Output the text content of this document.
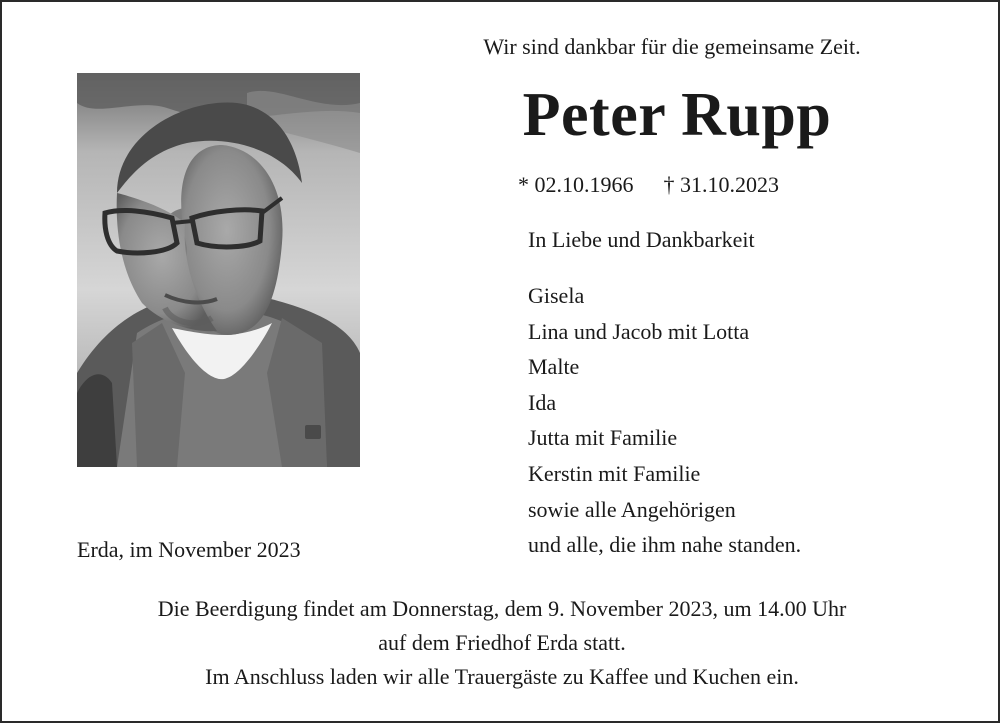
Wir sind dankbar für die gemeinsame Zeit.
Peter Rupp
* 02.10.1966 † 31.10.2023
In Liebe und Dankbarkeit
Gisela
Lina und Jacob mit Lotta
Malte
Ida
Jutta mit Familie
Kerstin mit Familie
sowie alle Angehörigen
und alle, die ihm nahe standen.
Erda, im November 2023
Die Beerdigung findet am Donnerstag, dem 9. November 2023, um 14.00 Uhr
auf dem Friedhof Erda statt.
Im Anschluss laden wir alle Trauergäste zu Kaffee und Kuchen ein.
